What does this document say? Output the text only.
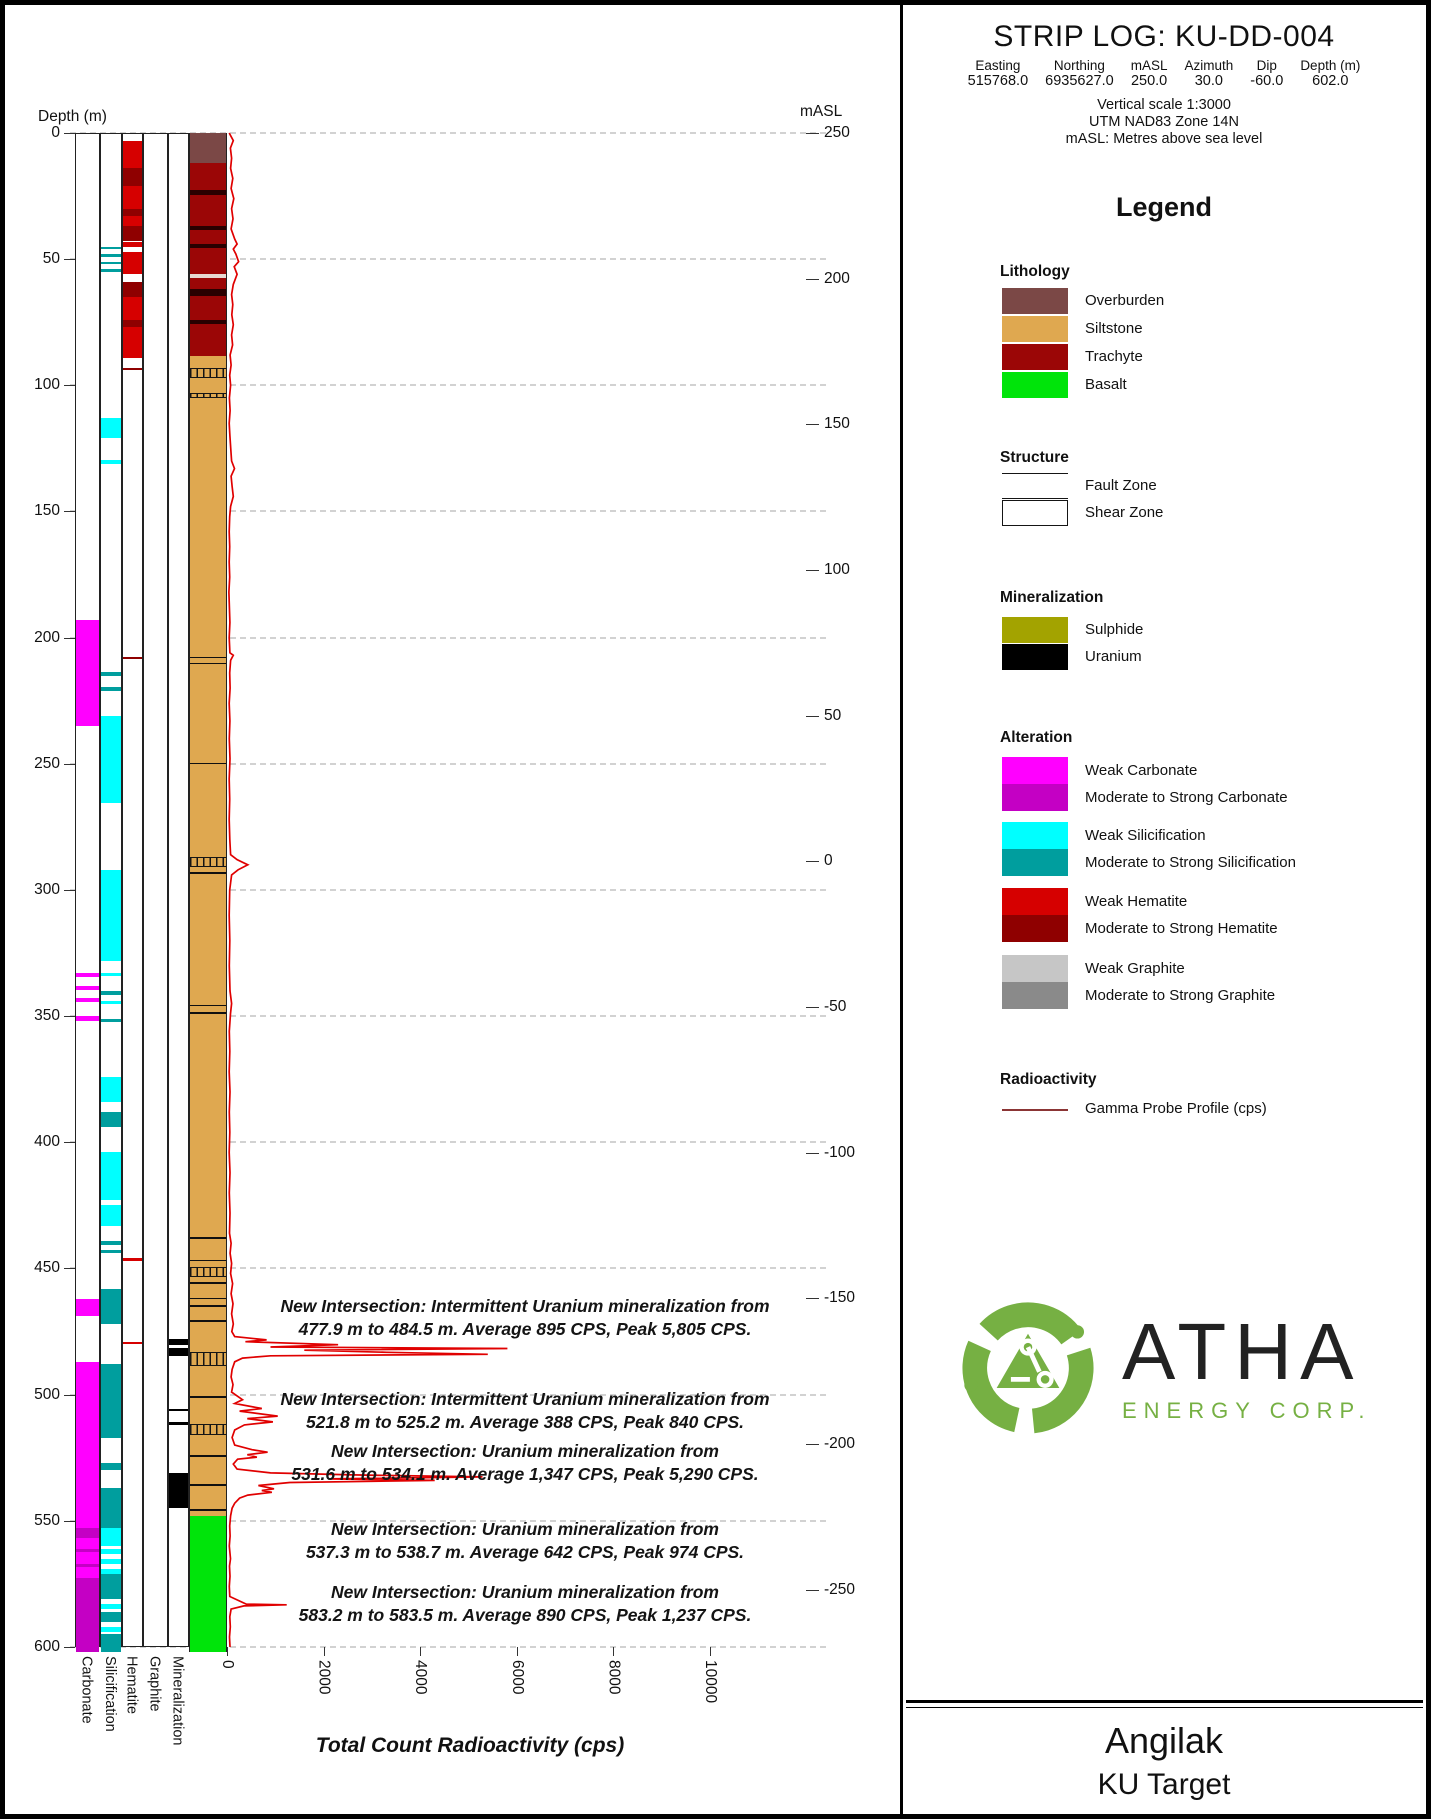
Depth (m)	mASL
0
50
100
150
200
250
300
350
400
450
500
550
600
250
200
150
100
50
0
-50
-100
-150
-200
-250
Carbonate Silicification Hematite Graphite Mineralization 0	2000	4000	6000	8000	10000
New Intersection: Intermittent Uranium mineralization from
477.9 m to 484.5 m. Average 895 CPS, Peak 5,805 CPS.
New Intersection: Intermittent Uranium mineralization from
521.8 m to 525.2 m. Average 388 CPS, Peak 840 CPS.
New Intersection: Uranium mineralization from
531.6 m to 534.1 m. Average 1,347 CPS, Peak 5,290 CPS.
New Intersection: Uranium mineralization from
537.3 m to 538.7 m. Average 642 CPS, Peak 974 CPS.
New Intersection: Uranium mineralization from
583.2 m to 583.5 m. Average 890 CPS, Peak 1,237 CPS.
Total Count Radioactivity (cps)
STRIP LOG: KU-DD-004
Easting
515768.0
Northing
6935627.0
mASL
250.0
Azimuth
30.0
Dip
-60.0
Depth (m)
602.0
Vertical scale 1:3000
UTM NAD83 Zone 14N
mASL: Metres above sea level
Legend
Lithology
Overburden
Siltstone
Trachyte
Basalt
Structure
Fault Zone
Shear Zone
Mineralization
Sulphide
Uranium
Alteration
Weak Carbonate
Moderate to Strong Carbonate
Weak Silicification
Moderate to Strong Silicification
Weak Hematite
Moderate to Strong Hematite
Weak Graphite
Moderate to Strong Graphite
Radioactivity
Gamma Probe Profile (cps)
ATHA
ENERGY CORP.
Angilak
KU Target
